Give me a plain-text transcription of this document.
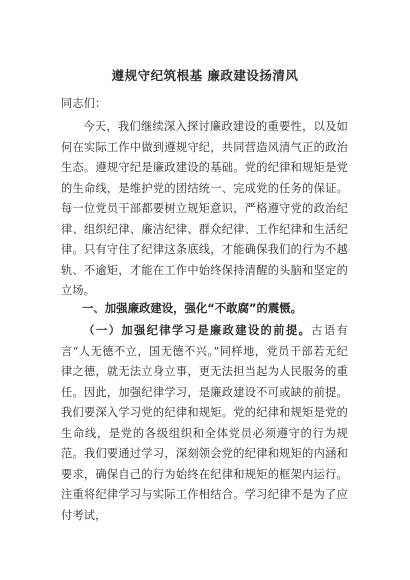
遵规守纪筑根基 廉政建设扬清风
同志们：
今天，我们继续深入探讨廉政建设的重要性，以及如何在实际工作中做到遵规守纪，共同营造风清气正的政治生态。遵规守纪是廉政建设的基础。党的纪律和规矩是党的生命线，是维护党的团结统一、完成党的任务的保证。每一位党员干部都要树立规矩意识，严格遵守党的政治纪律、组织纪律、廉洁纪律、群众纪律、工作纪律和生活纪律。只有守住了纪律这条底线，才能确保我们的行为不越轨、不逾矩，才能在工作中始终保持清醒的头脑和坚定的立场。
一、加强廉政建设，强化“不敢腐”的震慑。
（一）加强纪律学习是廉政建设的前提。古语有言“人无德不立，国无德不兴。”同样地，党员干部若无纪律之德，就无法立身立事，更无法担当起为人民服务的重任。因此，加强纪律学习，是廉政建设不可或缺的前提。我们要深入学习党的纪律和规矩。党的纪律和规矩是党的生命线，是党的各级组织和全体党员必须遵守的行为规范。我们要通过学习，深刻领会党的纪律和规矩的内涵和要求，确保自己的行为始终在纪律和规矩的框架内运行。注重将纪律学习与实际工作相结合。学习纪律不是为了应付考试，
